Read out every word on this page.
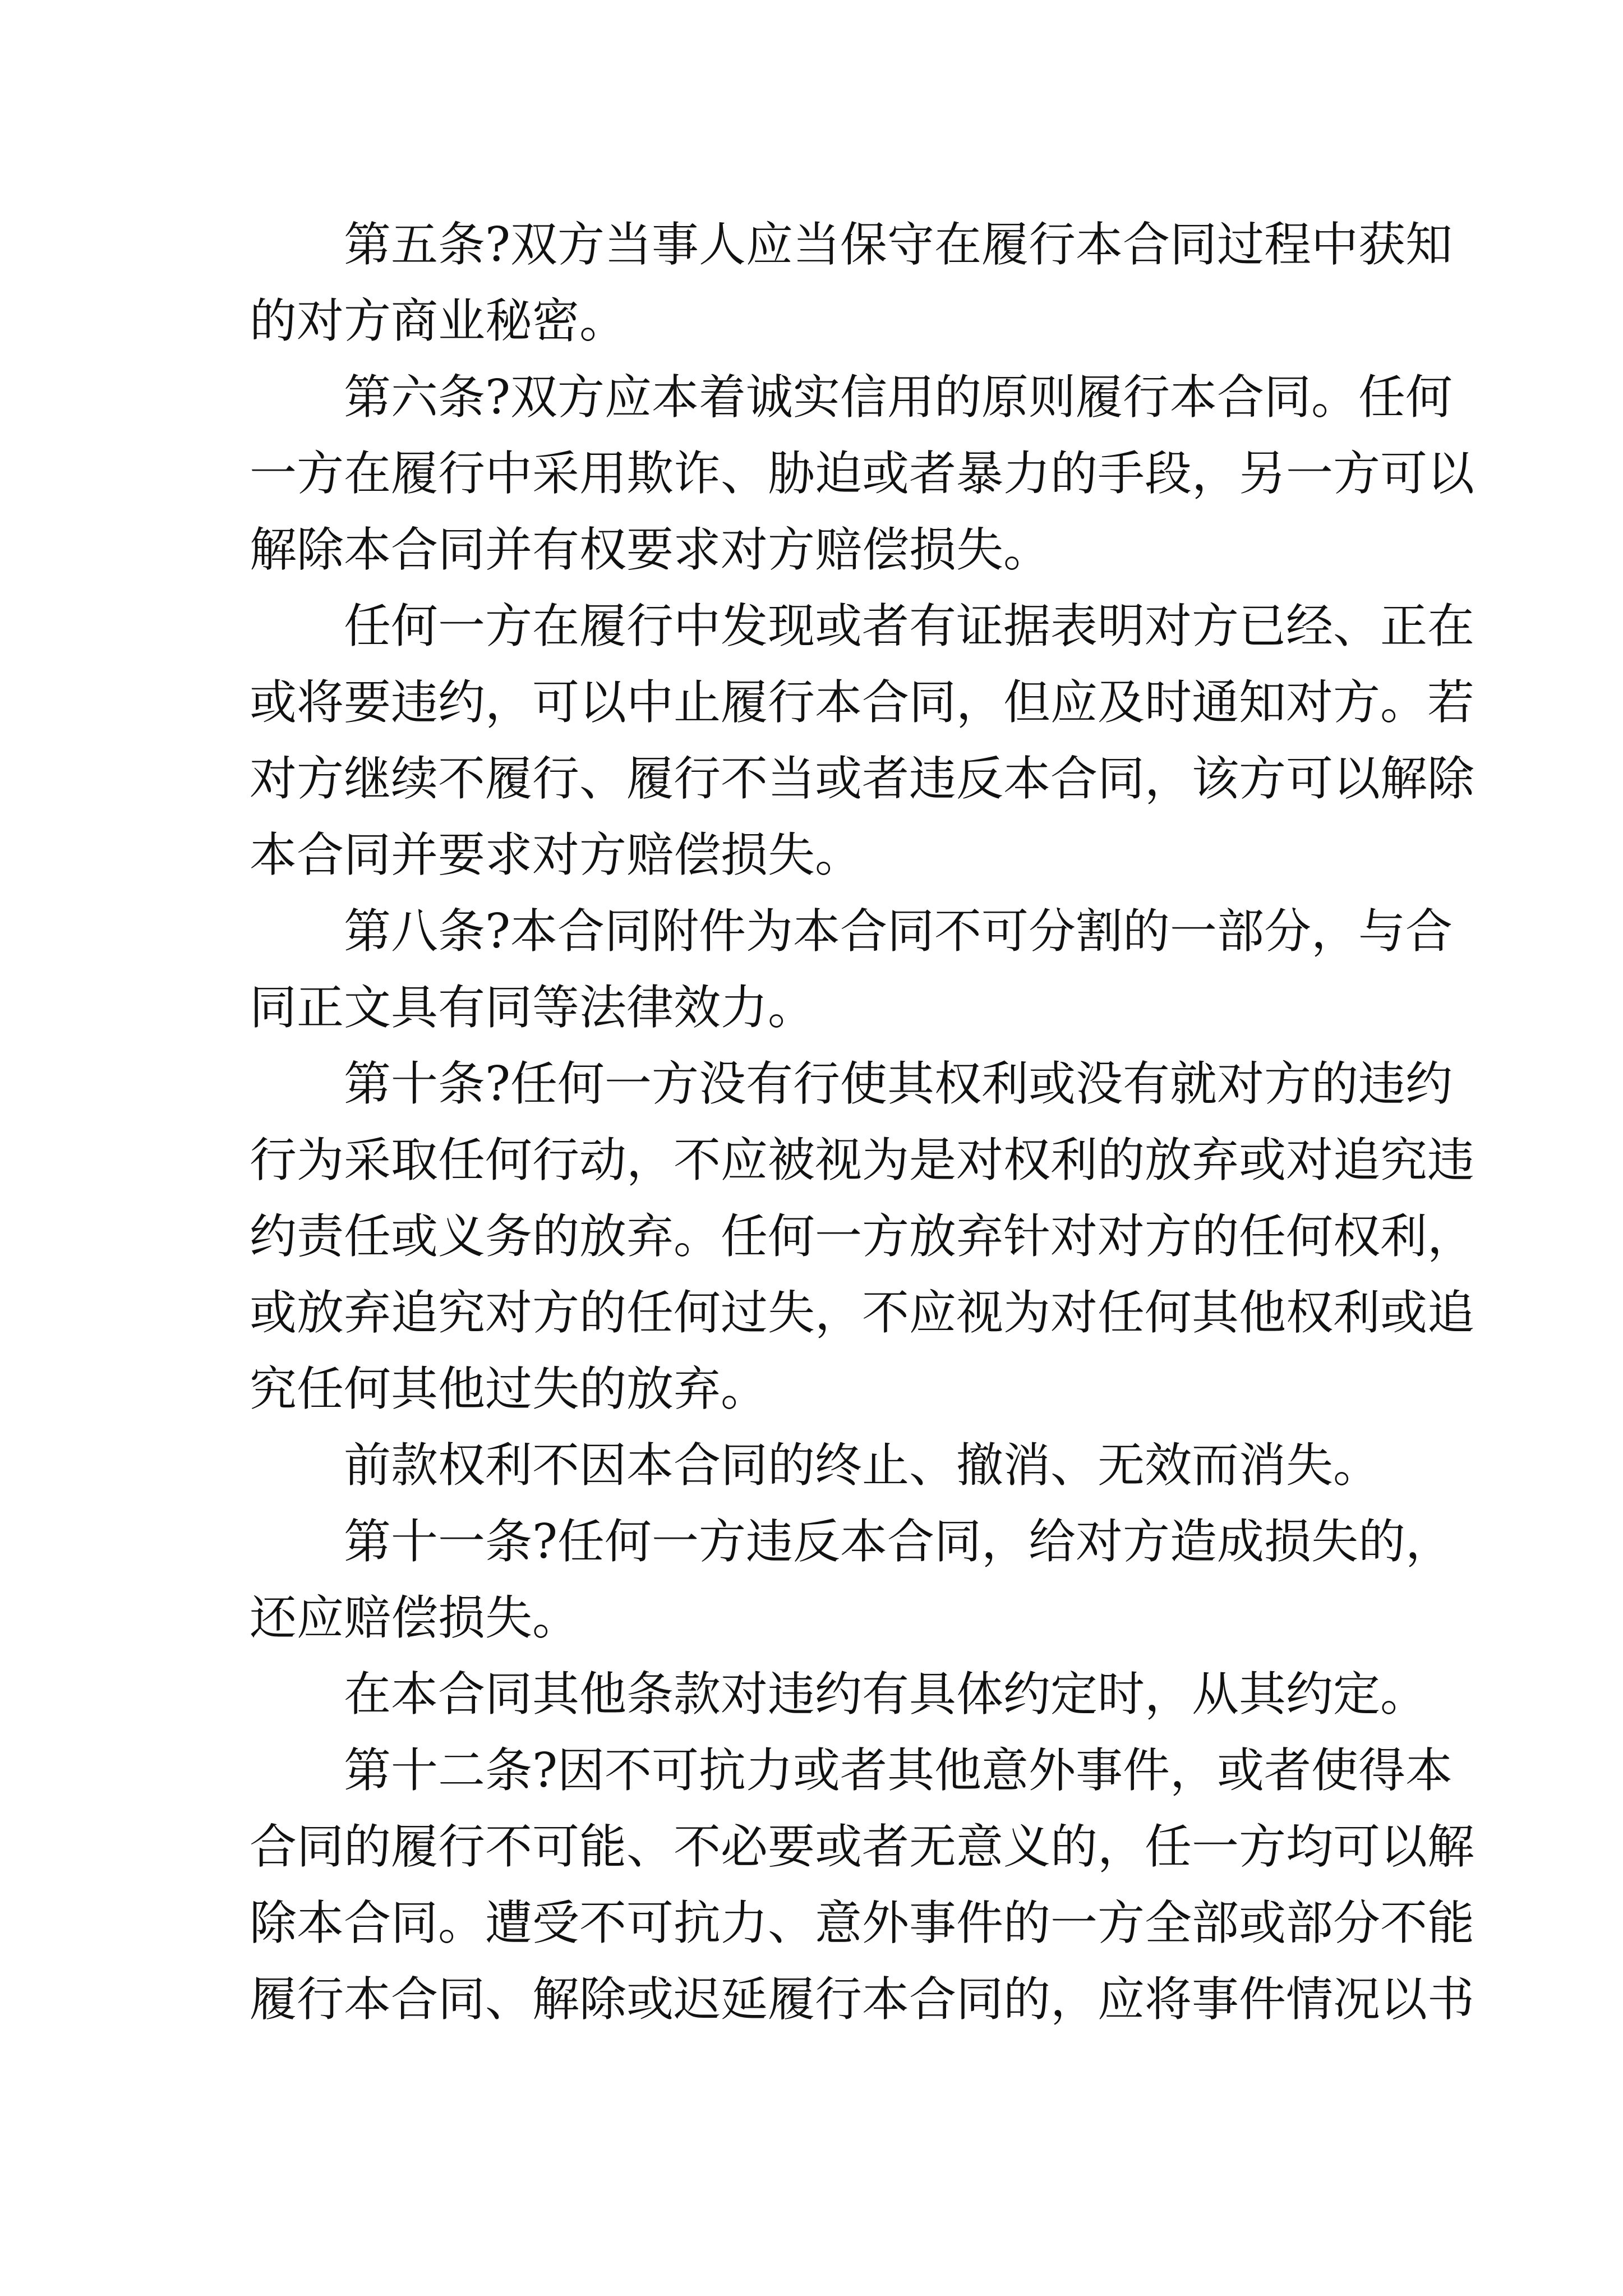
第五条?双方当事人应当保守在履行本合同过程中获知
的对方商业秘密。
第六条?双方应本着诚实信用的原则履行本合同。任何
一方在履行中采用欺诈、胁迫或者暴力的手段，另一方可以
解除本合同并有权要求对方赔偿损失。
任何一方在履行中发现或者有证据表明对方已经、正在
或将要违约，可以中止履行本合同，但应及时通知对方。若
对方继续不履行、履行不当或者违反本合同，该方可以解除
本合同并要求对方赔偿损失。
第八条?本合同附件为本合同不可分割的一部分，与合
同正文具有同等法律效力。
第十条?任何一方没有行使其权利或没有就对方的违约
行为采取任何行动，不应被视为是对权利的放弃或对追究违
约责任或义务的放弃。任何一方放弃针对对方的任何权利，
或放弃追究对方的任何过失，不应视为对任何其他权利或追
究任何其他过失的放弃。
前款权利不因本合同的终止、撤消、无效而消失。
第十一条?任何一方违反本合同，给对方造成损失的，
还应赔偿损失。
在本合同其他条款对违约有具体约定时，从其约定。
第十二条?因不可抗力或者其他意外事件，或者使得本
合同的履行不可能、不必要或者无意义的，任一方均可以解
除本合同。遭受不可抗力、意外事件的一方全部或部分不能
履行本合同、解除或迟延履行本合同的，应将事件情况以书
